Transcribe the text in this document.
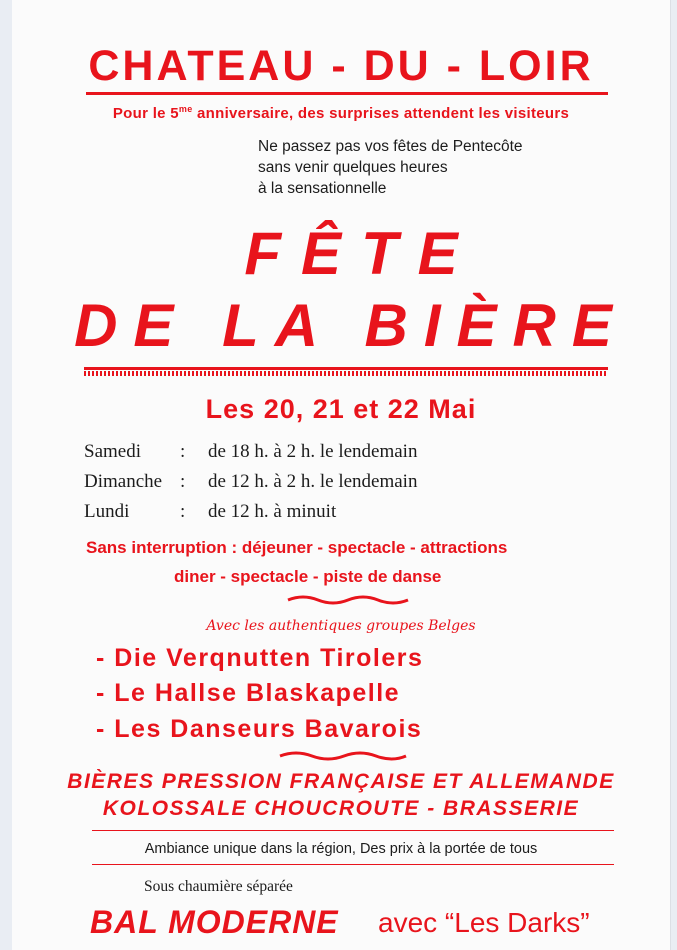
CHATEAU - DU - LOIR
Pour le $5^{me}$ anniversaire, des surprises attendent les visiteurs
Ne passez pas vos fêtes de Pentecôte
sans venir quelques heures
à la sensationnelle
FÊTE
DE LA BIÈRE
Les 20, 21 et 22 Mai
Samedi	:	de 18 h. à 2 h. le lendemain
Dimanche :	de 12 h. à 2 h. le lendemain
Lundi	:	de 12 h. à minuit
Sans interruption : déjeuner - spectacle - attractions
diner - spectacle - piste de danse
Avec les authentiques groupes Belges
- Die Verqnutten Tirolers
- Le Hallse Blaskapelle
- Les Danseurs Bavarois
BIÈRES PRESSION FRANÇAISE ET ALLEMANDE
KOLOSSALE CHOUCROUTE - BRASSERIE
Ambiance unique dans la région, Des prix à la portée de tous
Sous chaumière séparée
BAL MODERNE avec “Les Darks”
